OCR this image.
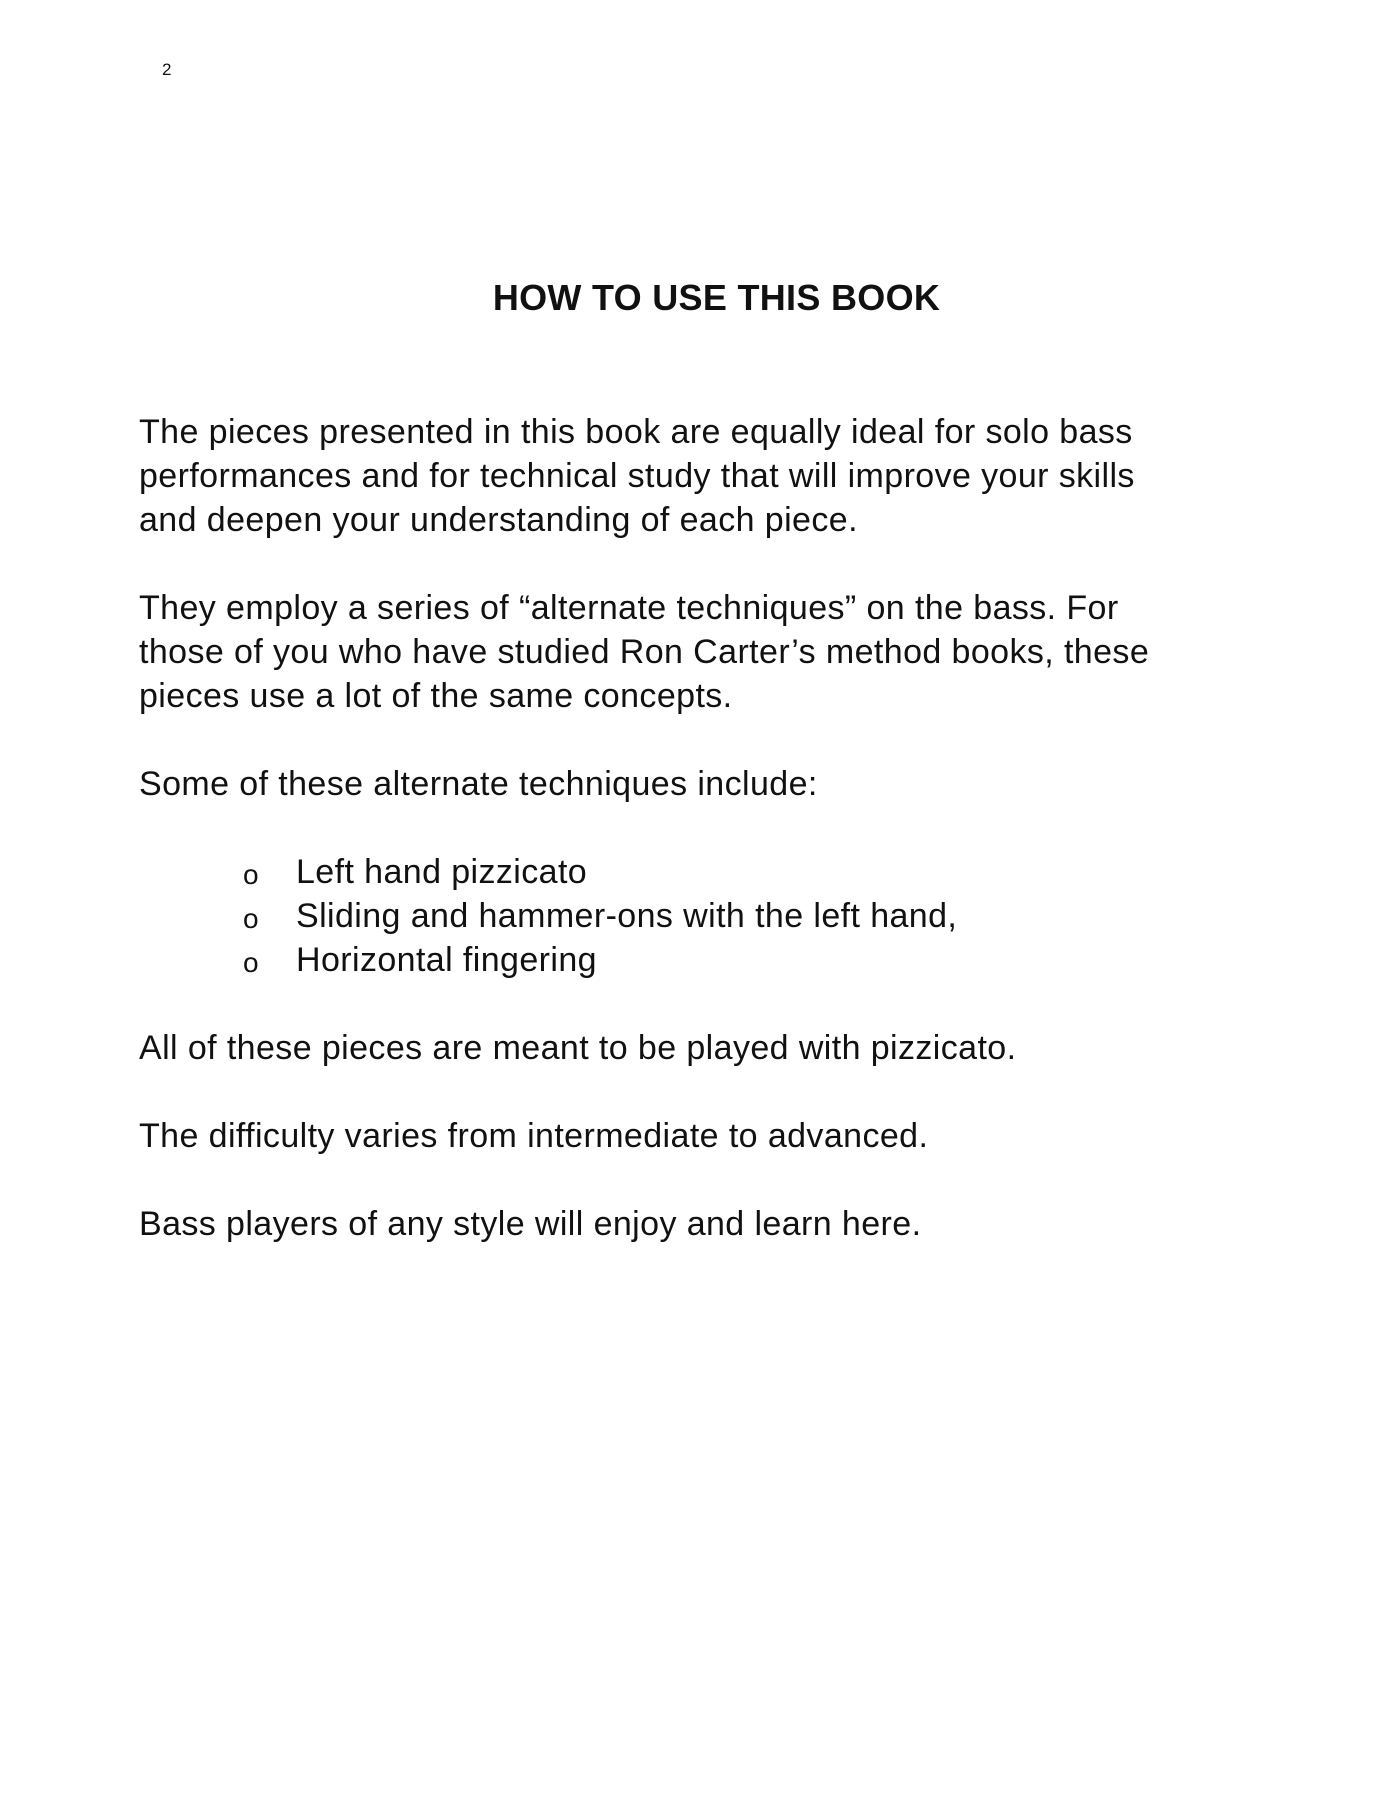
2
HOW TO USE THIS BOOK

The pieces presented in this book are equally ideal for solo bass
performances and for technical study that will improve your skills
and deepen your understanding of each piece.

They employ a series of “alternate techniques” on the bass. For
those of you who have studied Ron Carter’s method books, these
pieces use a lot of the same concepts.

Some of these alternate techniques include:

o Left hand pizzicato
o Sliding and hammer-ons with the left hand,
o Horizontal fingering

All of these pieces are meant to be played with pizzicato.

The difficulty varies from intermediate to advanced.

Bass players of any style will enjoy and learn here.
